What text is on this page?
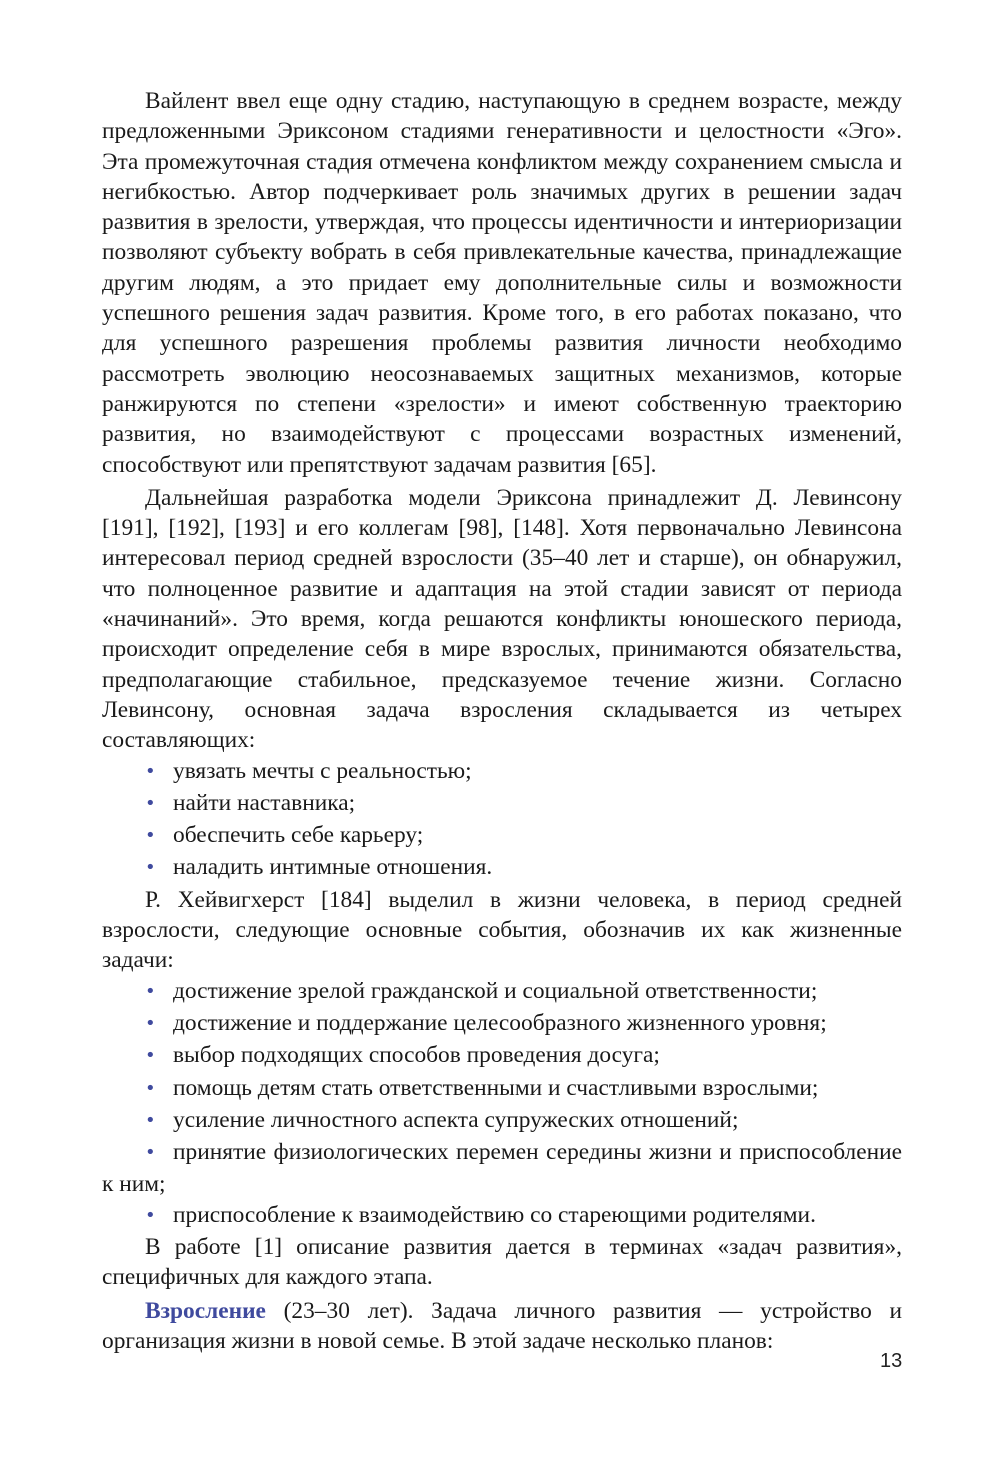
Вайлент ввел еще одну стадию, наступающую в среднем возрасте, между предложенными Эриксоном стадиями генеративности и целостности «Эго». Эта промежуточная стадия отмечена конфликтом между сохранением смысла и негибкостью. Автор подчеркивает роль значимых других в решении задач развития в зрелости, утверждая, что процессы идентичности и интериоризации позволяют субъекту вобрать в себя привлекательные качества, принадлежащие другим людям, а это придает ему дополнительные силы и возможности успешного решения задач развития. Кроме того, в его работах показано, что для успешного разрешения проблемы развития личности необходимо рассмотреть эволюцию неосознаваемых защитных механизмов, которые ранжируются по степени «зрелости» и имеют собственную траекторию развития, но взаимодействуют с процессами возрастных изменений, способствуют или препятствуют задачам развития [65].

Дальнейшая разработка модели Эриксона принадлежит Д. Левинсону [191], [192], [193] и его коллегам [98], [148]. Хотя первоначально Левинсона интересовал период средней взрослости (35–40 лет и старше), он обнаружил, что полноценное развитие и адаптация на этой стадии зависят от периода «начинаний». Это время, когда решаются конфликты юношеского периода, происходит определение себя в мире взрослых, принимаются обязательства, предполагающие стабильное, предсказуемое течение жизни. Согласно Левинсону, основная задача взросления складывается из четырех составляющих:

• увязать мечты с реальностью;
• найти наставника;
• обеспечить себе карьеру;
• наладить интимные отношения.

Р. Хейвигхерст [184] выделил в жизни человека, в период средней взрослости, следующие основные события, обозначив их как жизненные задачи:

• достижение зрелой гражданской и социальной ответственности;
• достижение и поддержание целесообразного жизненного уровня;
• выбор подходящих способов проведения досуга;
• помощь детям стать ответственными и счастливыми взрослыми;
• усиление личностного аспекта супружеских отношений;
• принятие физиологических перемен середины жизни и приспособление к ним;
• приспособление к взаимодействию со стареющими родителями.

В работе [1] описание развития дается в терминах «задач развития», специфичных для каждого этапа.

Взросление (23–30 лет). Задача личного развития — устройство и организация жизни в новой семье. В этой задаче несколько планов:

13
